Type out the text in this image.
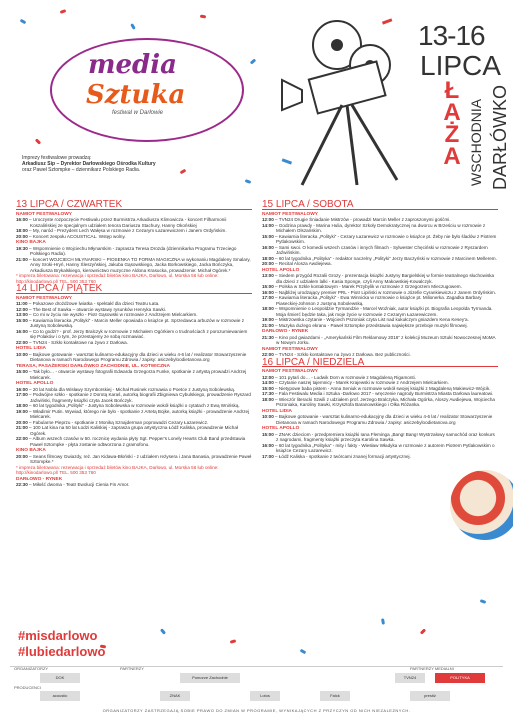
media
Sztuka
festiwal w Darłowie
Imprezy festiwalowe prowadzą:
Arkadiusz Sip – Dyrektor Darłowskiego Ośrodka Kultury
oraz Paweł Sztompke – dziennikarz Polskiego Radia.
13-16
LIPCA
Ł
A
Ż
A WSCHODNIA DARŁÓWKO
13 LIPCA / CZWARTEK
NAMIOT FESTIWALOWY

16:00 – Uroczyste rozpoczęcie Festiwalu przez Burmistrza Arkadiusza Klimowicza - koncert Filharmonii Koszalińskiej ze specjalnym udziałem tenora Dariusza Stachury, Hanny Okońskiej

18:00 – My, naród - Prezydent Lech Wałęsa w rozmowie z Cezarym Łazarewiczem i Janem Ordyńskim.

20:00 – Koncert zespołu ACOUSTICAL. Wstęp wolny.

KINO BAJKA

19:30 – Wspomnienie o Wojciechu Młynarskim - zaprasza Teresa Drozda (dziennikarka Programu Trzeciego Polskiego Radia).

21:00 – koncert WOJCIECH MŁYNARSKI – PIOSENKA TO FORMA MAGICZNA w wykonaniu Magdaleny Smalary, Anny Sroki-Hryń, Hanny Śleszyńskiej, Jakuba Gąsowskiego, Jacka Borkowskiego, Jacka Bończyka, Arkadiusza Brykalskiego, kierownictwo muzyczne Aldona Krasucka, prowadzenie: Michał Ogórek.*

* impreza biletowana: rezerwacja i sprzedaż biletów kino BAJKA, Darłowo, ul. Morska 56 lub online: http://kinodarlowo.pl/ TEL. 500 353 760
14 LIPCA / PIĄTEK
NAMIOT FESTIWALOWY

11:00 – Pokazowe drożdżowe lwiatka - spektakl dla dzieci Teatru Łata.

12:00 – The Best of Sawka – otwarcie wystawy rysunków Henryka Sawki.

13:00 – Co mi w życiu nie wyszło - Piotr Gąsowski w rozmowie z Andrzejem Mielcarkiem.

15:00 – Kawiarnia literacka „Polityki” - Marcin Meller opowiada o książce pt. Sprzedawca arbuzów w rozmowie z Justyną Sobolewską.

16:00 – Co to godzi? - prof. Jerzy Bralczyk w rozmowie z Michałem Ogórkiem o trudnościach z porozumiewaniem się Polaków i o tym, że przestajemy ze sobą rozmawiać.

22:00 – TVN24 - Szkło kontaktowe na żywo z Darłowa.

HOTEL LIDIA

10:00 – Bajkowe gotowanie - warsztat kulinarno-edukacyjny dla dzieci w wieku 4-6 lat / realizator Stowarzyszenie Dietanova w ramach Narodowego Programu Zdrowia / zapisy: asiczebyloodietanova.org

TERASA, PASAŻERSKI DARŁÓWKO ZACHODNIE, UL. KOTWICZNA

15:00 – Tak było… - otwarcie wystawy fotografii Edwarda Grzegorza Funke, spotkanie z artystą prowadzi Andrzej Mielcarek.

HOTEL APOLLO

16:00 – 20 lat Nobla dla Wisławy Szymborskiej - Michał Rusinek rozmawia o Poetce z Justyną Sobolewską.

17:00 – Podwójne szkło - spotkanie z Dorotą Karaś, autorką biografii Zbigniewa Cybulskiego, prowadzenie Ryszard Jaźwiński, fragmenty książki czyta Jacek Bończyk.

18:00 – 60 lat tygodnika „Polityki” - Justyna Sobolewska w rozmowie wokół książki o cytatach z Ewą Wnińską.

19:00 – Władimir Putin. Wywiad, którego nie było - spotkanie z Artetą Bojke, autorką książki - prowadzenie Andrzej Mielcarek.

20:00 – Fabularne Pieprzu - spotkanie z Moniką Sznajderman poprowadzi Cezary Łazarewicz.

21:00 – 100 Lat kina na 50 lat Łodzi Kaliskiej - zaprasza grupa artystyczna Łódź Kaliska, prowadzenie Michał Ogórek.

22:00 – Album wszech czasów w 50. rocznicę wydania płyty Sgt. Pepper's Lonely Hearts Club Band przedstawia Paweł Sztompke - płyta zostanie odtworzona z gramofonu.

KINO BAJKA

20:00 – Seans filmowy Gwiazdy, reż. Jan Kidawa-Błoński - z udziałem reżysera i Jana Banasia, prowadzenie Paweł Sztompke.*

* impreza biletowana: rezerwacja i sprzedaż biletów kino BAJKA, Darłowo, ul. Morska 56 lub online: http://kinodarlowo.pl/ TEL. 500 353 760
DARŁOWO - RYNEK

22:30 – Miłość dwoma - Teatr Ewolucji Cienia Fin Amor.

15 LIPCA / SOBOTA
NAMIOT FESTIWALOWY

12:00 – TVN24 Drugie Śniadanie Mistrzów - prowadzi Marcin Meller z zaproszonymi gośćmi.

14:00 – Godzina prawdy - Marina Hulia, dyrektor Szkoły Demokratycznej na dworcu w Brześciu w rozmowie z Michałem Olszańskim.

15:00 – Kawiarnia literacka „Polityki” - Cezary Łazarewicz w rozmowie o książce pt. Żeby nie było śladów z Piotrem Pytlakowskim.

16:00 – Sami swoi. O komedii wszech czasów i innych filmach - Sylwester Chęciński w rozmowie z Ryszardem Jaźwińskim.

18:00 – 60 lat tygodnika „Polityka” - redaktor naczelny „Polityki” Jerzy Baczyński w rozmowie z Marcinem Mellerem.

20:00 – Recital Alosza Awdiejewa.

HOTEL APOLLO

13:00 – Siedem przygód Rozalii Grozy - prezentacja książki Justyny Bargielskiej w formie teatralnego słuchowiska dla dzieci z udziałem lalki - Kasia Sponge, czyli Anny Makowskiej-Kowalczyk.

15:00 – Polska w Szkle kontaktowym - Marek Przybylik w rozmowie z Grzegorzem Mieczugowem.

16:00 – Najbliżej urodzający premier PRL - Piotr Lipiński w rozmowie o Józefie Cyrankiewiczu z Janem Ordyńskim.

17:00 – Kawiarnia literacka „Polityki” - Ewa Winnicka w rozmowie o książce pt. Milionerka. Zagadka Barbary Piaseckiej-Johnson z Justyną Sobolewską.

18:00 – Wspomnienie o Leopoldzie Tyrmandzie - Marcel Woźniak, autor książki pt. Biografia Leopolda Tyrmanda. Moja śmierć będzie taka, jak moje życie w rozmowie z Cezarym Łazarewiczem.

19:00 – Mistrzowska czytanie - Wojciech Pszoniak czyta List nad kukułczym gniazdem Kena Kesey'a.

21:00 – Muzyka dużego ekranu - Paweł Sztompke przedstawia największe przeboje muzyki filmowej.

DARŁOWO - RYNEK

21:30 – Kino pod gwiazdami - „Amerykański Film Reklamowy 2016” z kolekcji Muzeum Sztuki Nowoczesnej MoMA w Nowym Jorku.

NAMIOT FESTIWALOWY

22:00 – TVN24 - Szkło kontaktowe na żywo z Darłowa. Bez publiczności.

16 LIPCA / NIEDZIELA
NAMIOT FESTIWALOWY

12:00 – 101 pytań do… - Ludwik Dorn w rozmowie z Magdaleną Rigamonti.

14:00 – Czytanie naszej tajemnicy - Marek Krajewski w rozmowie z Andrzejem Mielcarkiem.

15:00 – Nietypowe baba pistem - Anna Seniuk w rozmowie wokół swojej książki z Magdaleną Makiewicz-Wójcik.

17:30 – Fala Festiwalu Media i Sztuka -Darłowo 2017 - wręczenie nagrody Burmistrza Miasta Darłowa laureatowi.

18:00 – Wieczór literacki Szwili z udziałem prof. Jerzego Bralczyka, Michała Ogórka, Aloszy Awdiejewa, Wojciecha Pszoniaka, Karoliny Sawki, Krzysztofa Baranowskiego i Olka Różanka.

HOTEL LIDIA

10:00 – Bajkowe gotowanie - warsztat kulinarno-edukacyjny dla dzieci w wieku 4-6 lat / realizator Stowarzyszenie Dietanova w ramach Narodowego Programu Zdrowia / zapisy: asiczebyloodietanova.org

HOTEL APOLLO

15:00 – ZNAK dzieciom - przedpremiera książki Iana Fleminga „Bang! Bang! Wystrzałowy samochód oraz konkurs z nagrodami, fragmenty książki przeczyta Karolina Sawka.

16:00 – 60 lat tygodnika „Polityka” - mity i fakty - Wiesław Władyka w rozmowie z autorem Piotrem Pytlakowskim o książce Cezary Łazarewicz.

17:00 – Łódź Kaliska - spotkanie z twórcami znanej formacji artystycznej.

#misdarlowo
#lubiedarlowo
ORGANIZATORZY	PARTNERZY	PARTNERZY MEDIALNI
PRODUCENCI
DOK	Pomorze Zachodnie	TVN24	POLITYKA
ZNAK
acoustic	Falck
Lotos	prestiż
ORGANIZATORZY ZASTRZEGAJĄ SOBIE PRAWO DO ZMIAN W PROGRAMIE, WYNIKAJĄCYCH Z PRZYCZYN OD NICH NIEZALEŻNYCH.
